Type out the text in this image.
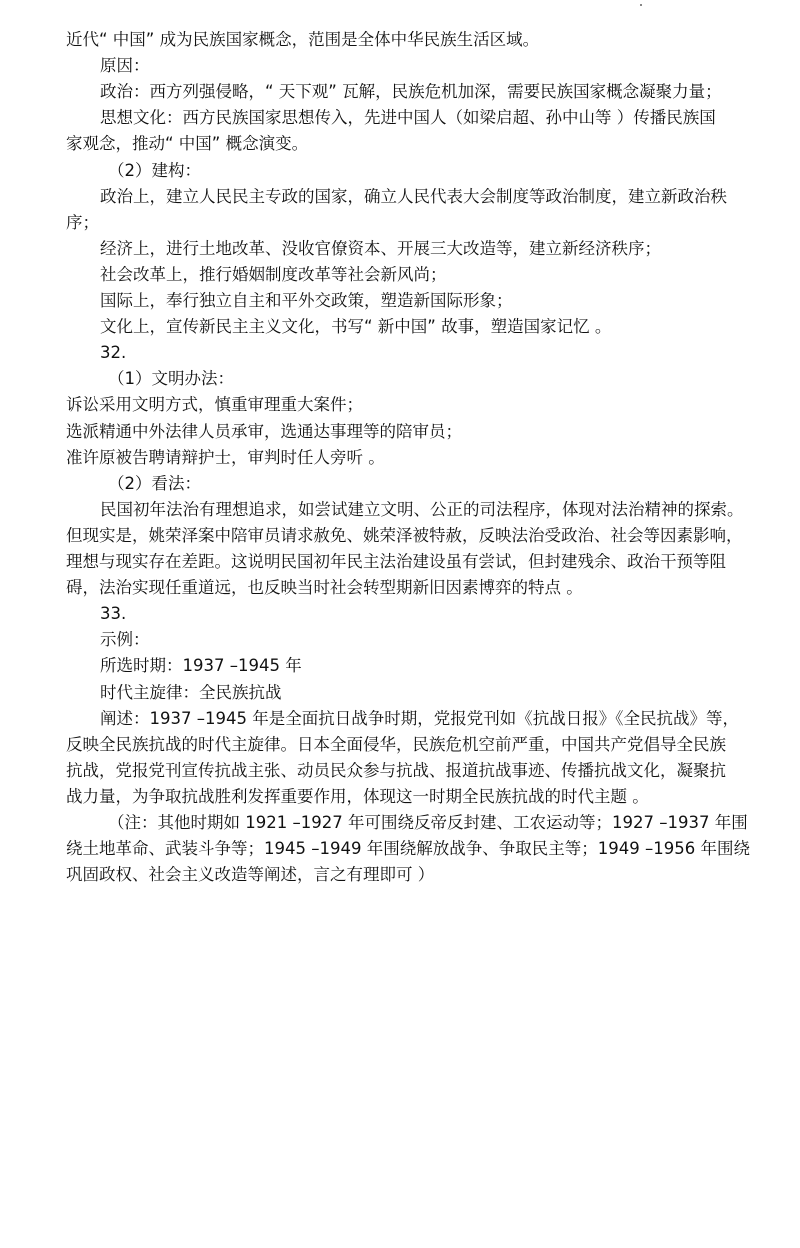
近代“ 中国” 成为民族国家概念，范围是全体中华民族生活区域。
原因：
政治：西方列强侵略，“ 天下观” 瓦解，民族危机加深，需要民族国家概念凝聚力量；
思想文化：西方民族国家思想传入，先进中国人（如梁启超、孙中山等 ）传播民族国
家观念，推动“ 中国” 概念演变。
（2）建构：
政治上，建立人民民主专政的国家，确立人民代表大会制度等政治制度，建立新政治秩
序；
经济上，进行土地改革、没收官僚资本、开展三大改造等，建立新经济秩序；
社会改革上，推行婚姻制度改革等社会新风尚；
国际上，奉行独立自主和平外交政策，塑造新国际形象；
文化上，宣传新民主主义文化，书写“ 新中国” 故事，塑造国家记忆 。
32.
（1）文明办法：
诉讼采用文明方式，慎重审理重大案件；
选派精通中外法律人员承审，选通达事理等的陪审员；
准许原被告聘请辩护士，审判时任人旁听 。
（2）看法：
民国初年法治有理想追求，如尝试建立文明、公正的司法程序，体现对法治精神的探索。
但现实是，姚荣泽案中陪审员请求赦免、姚荣泽被特赦，反映法治受政治、社会等因素影响，
理想与现实存在差距。这说明民国初年民主法治建设虽有尝试，但封建残余、政治干预等阻
碍，法治实现任重道远，也反映当时社会转型期新旧因素博弈的特点 。
33.
示例：
所选时期：1937 –1945 年
时代主旋律：全民族抗战
阐述：1937 –1945 年是全面抗日战争时期，党报党刊如《抗战日报》《全民抗战》等，
反映全民族抗战的时代主旋律。日本全面侵华，民族危机空前严重，中国共产党倡导全民族
抗战，党报党刊宣传抗战主张、动员民众参与抗战、报道抗战事迹、传播抗战文化，凝聚抗
战力量，为争取抗战胜利发挥重要作用，体现这一时期全民族抗战的时代主题 。
（注：其他时期如 1921 –1927 年可围绕反帝反封建、工农运动等；1927 –1937 年围
绕土地革命、武装斗争等；1945 –1949 年围绕解放战争、争取民主等；1949 –1956 年围绕
巩固政权、社会主义改造等阐述，言之有理即可 ）
